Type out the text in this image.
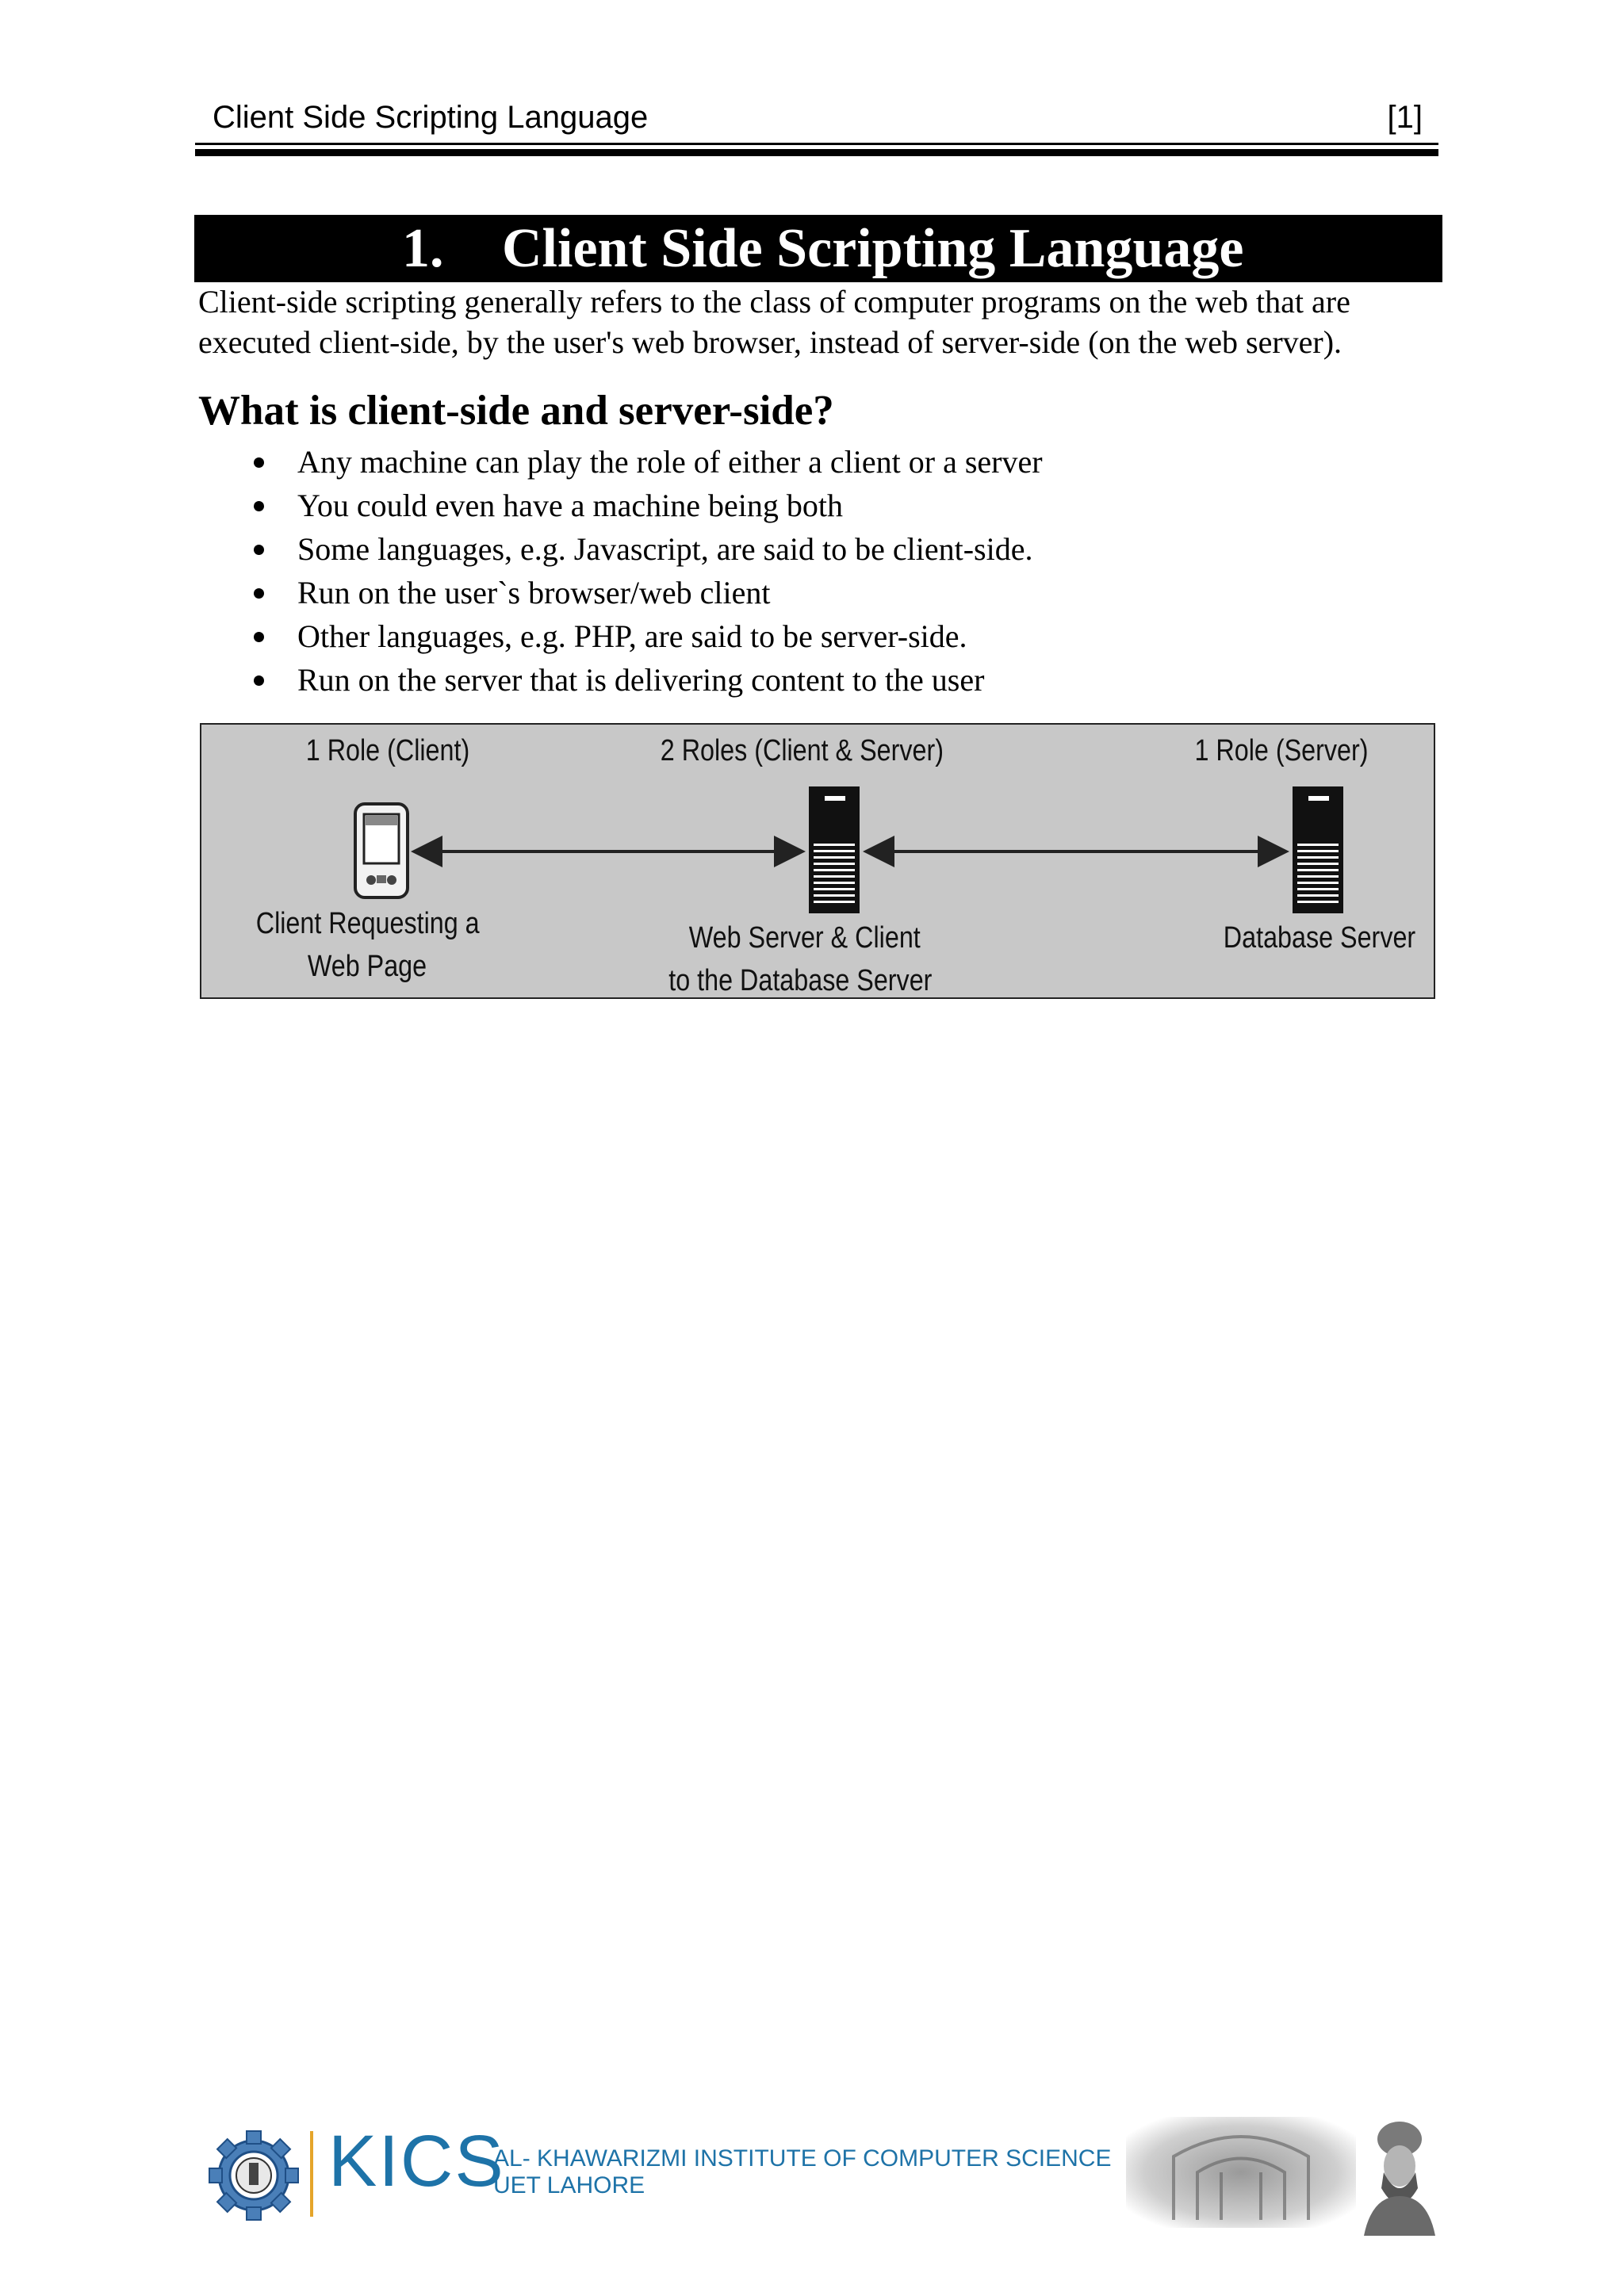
Client Side Scripting Language	[1]
1. Client Side Scripting Language

Client-side scripting generally refers to the class of computer programs on the web that are executed client-side, by the user's web browser, instead of server-side (on the web server).

What is client-side and server-side?
Any machine can play the role of either a client or a server
You could even have a machine being both
Some languages, e.g. Javascript, are said to be client-side.
Run on the user`s browser/web client
Other languages, e.g. PHP, are said to be server-side.
Run on the server that is delivering content to the user
1 Role (Client)	2 Roles (Client & Server)	1 Role (Server)
Client Requesting a
Web Page
Web Server & Client
to the Database Server
Database Server
KICS
AL- KHAWARIZMI INSTITUTE OF COMPUTER SCIENCE
UET LAHORE
